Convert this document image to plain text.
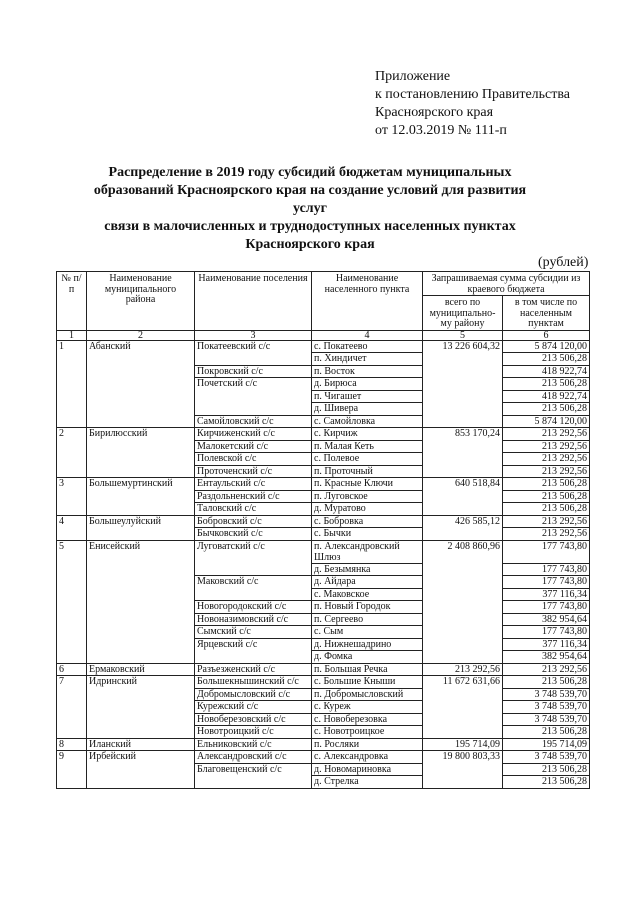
Приложение
к постановлению Правительства
Красноярского края
от 12.03.2019 № 111-п
Распределение в 2019 году субсидий бюджетам муниципальных
образований Красноярского края на создание условий для развития услуг
связи в малочисленных и труднодоступных населенных пунктах
Красноярского края
(рублей)
№ п/п	Наименование муниципального района	Наименование поселения	Наименование населенного пункта	Запрашиваемая сумма субсидии из краевого бюджета	
				всего по муниципально-му району	в том числе по населенным пунктам
1	2	3	4	5	6
1	Абанский	Покатеевский с/с	с. Покатеево	13 226 604,32	5 874 120,00
			п. Хиндичет		213 506,28
		Покровский с/с	п. Восток		418 922,74
		Почетский с/с	д. Бирюса		213 506,28
			п. Чигашет		418 922,74
			д. Шивера		213 506,28
		Самойловский с/с	с. Самойловка		5 874 120,00
2	Бирилюсский	Кирчиженский с/с	с. Кирчиж	853 170,24	213 292,56
		Малокетский с/с	п. Малая Кеть		213 292,56
		Полевской с/с	с. Полевое		213 292,56
		Проточенский с/с	п. Проточный		213 292,56
3	Большемуртинский	Ентаульский с/с	п. Красные Ключи	640 518,84	213 506,28
		Раздольненский с/с	п. Луговское		213 506,28
		Таловский с/с	д. Муратово		213 506,28
4	Большеулуйский	Бобровский с/с	с. Бобровка	426 585,12	213 292,56
		Бычковский с/с	с. Бычки		213 292,56
5	Енисейский	Луговатский с/с	п. Александровский Шлюз	2 408 860,96	177 743,80
			д. Безымянка		177 743,80
		Маковский с/с	д. Айдара		177 743,80
			с. Маковское		377 116,34
		Новогородокский с/с	п. Новый Городок		177 743,80
		Новоназимовский с/с	п. Сергеево		382 954,64
		Сымский с/с	с. Сым		177 743,80
		Ярцевский с/с	д. Нижнешадрино		377 116,34
			д. Фомка		382 954,64
6	Ермаковский	Разъезженский с/с	п. Большая Речка	213 292,56	213 292,56
7	Идринский	Большекнышинский с/с	с. Большие Кныши	11 672 631,66	213 506,28
		Добромысловский с/с	п. Добромысловский		3 748 539,70
		Курежский с/с	с. Куреж		3 748 539,70
		Новоберезовский с/с	с. Новоберезовка		3 748 539,70
		Новотроицкий с/с	с. Новотроицкое		213 506,28
8	Иланский	Ельниковский с/с	п. Росляки	195 714,09	195 714,09
9	Ирбейский	Александровский с/с	с. Александровка	19 800 803,33	3 748 539,70
		Благовещенский с/с	д. Новомариновка		213 506,28
			д. Стрелка		213 506,28
